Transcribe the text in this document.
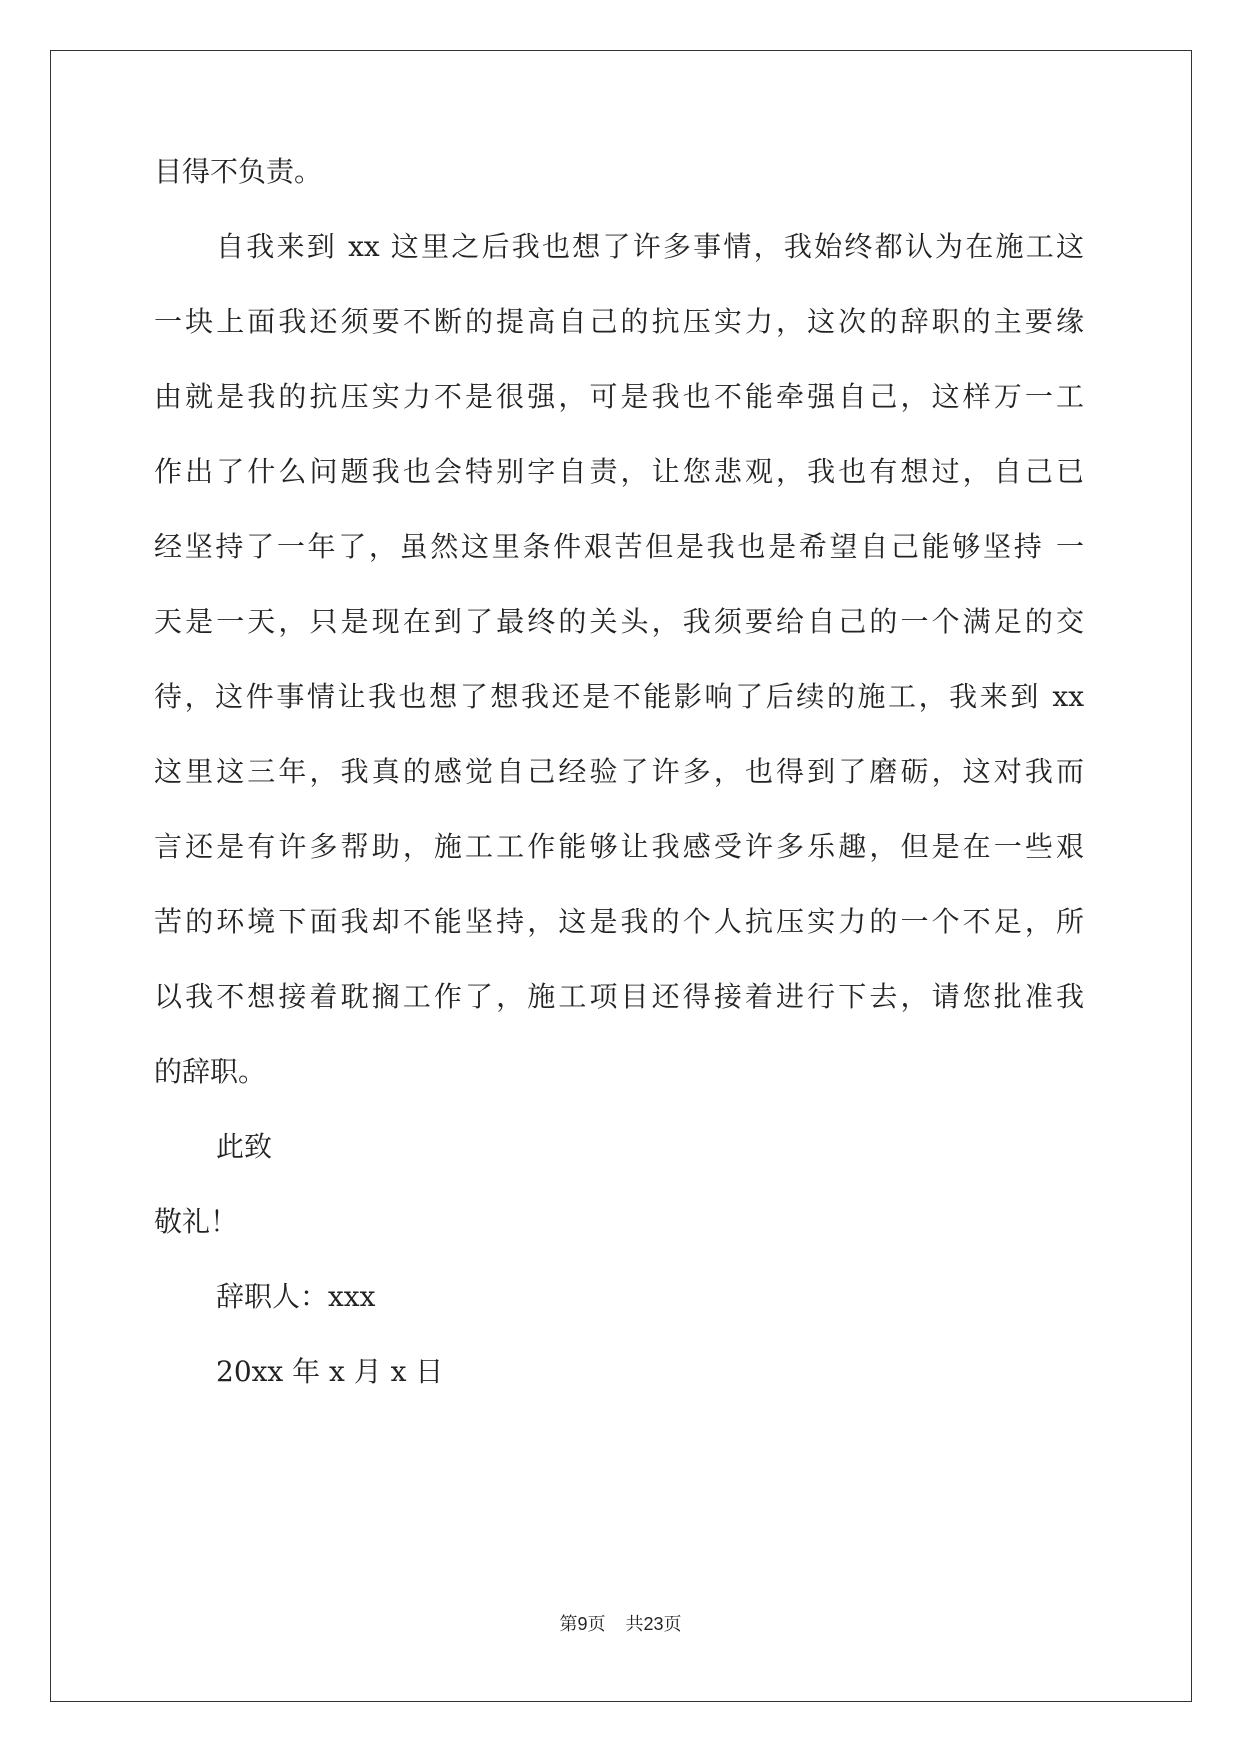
目得不负责。
自我来到 xx 这里之后我也想了许多事情，我始终都认为在施工这
一块上面我还须要不断的提高自己的抗压实力，这次的辞职的主要缘
由就是我的抗压实力不是很强，可是我也不能牵强自己，这样万一工
作出了什么问题我也会特别字自责，让您悲观，我也有想过，自己已
经坚持了一年了，虽然这里条件艰苦但是我也是希望自己能够坚持 一
天是一天，只是现在到了最终的关头，我须要给自己的一个满足的交
待，这件事情让我也想了想我还是不能影响了后续的施工，我来到 xx
这里这三年，我真的感觉自己经验了许多，也得到了磨砺，这对我而
言还是有许多帮助，施工工作能够让我感受许多乐趣，但是在一些艰
苦的环境下面我却不能坚持，这是我的个人抗压实力的一个不足，所
以我不想接着耽搁工作了，施工项目还得接着进行下去，请您批准我
的辞职。
此致
敬礼！
辞职人：xxx
20xx 年 x 月 x 日
第9页 共23页
